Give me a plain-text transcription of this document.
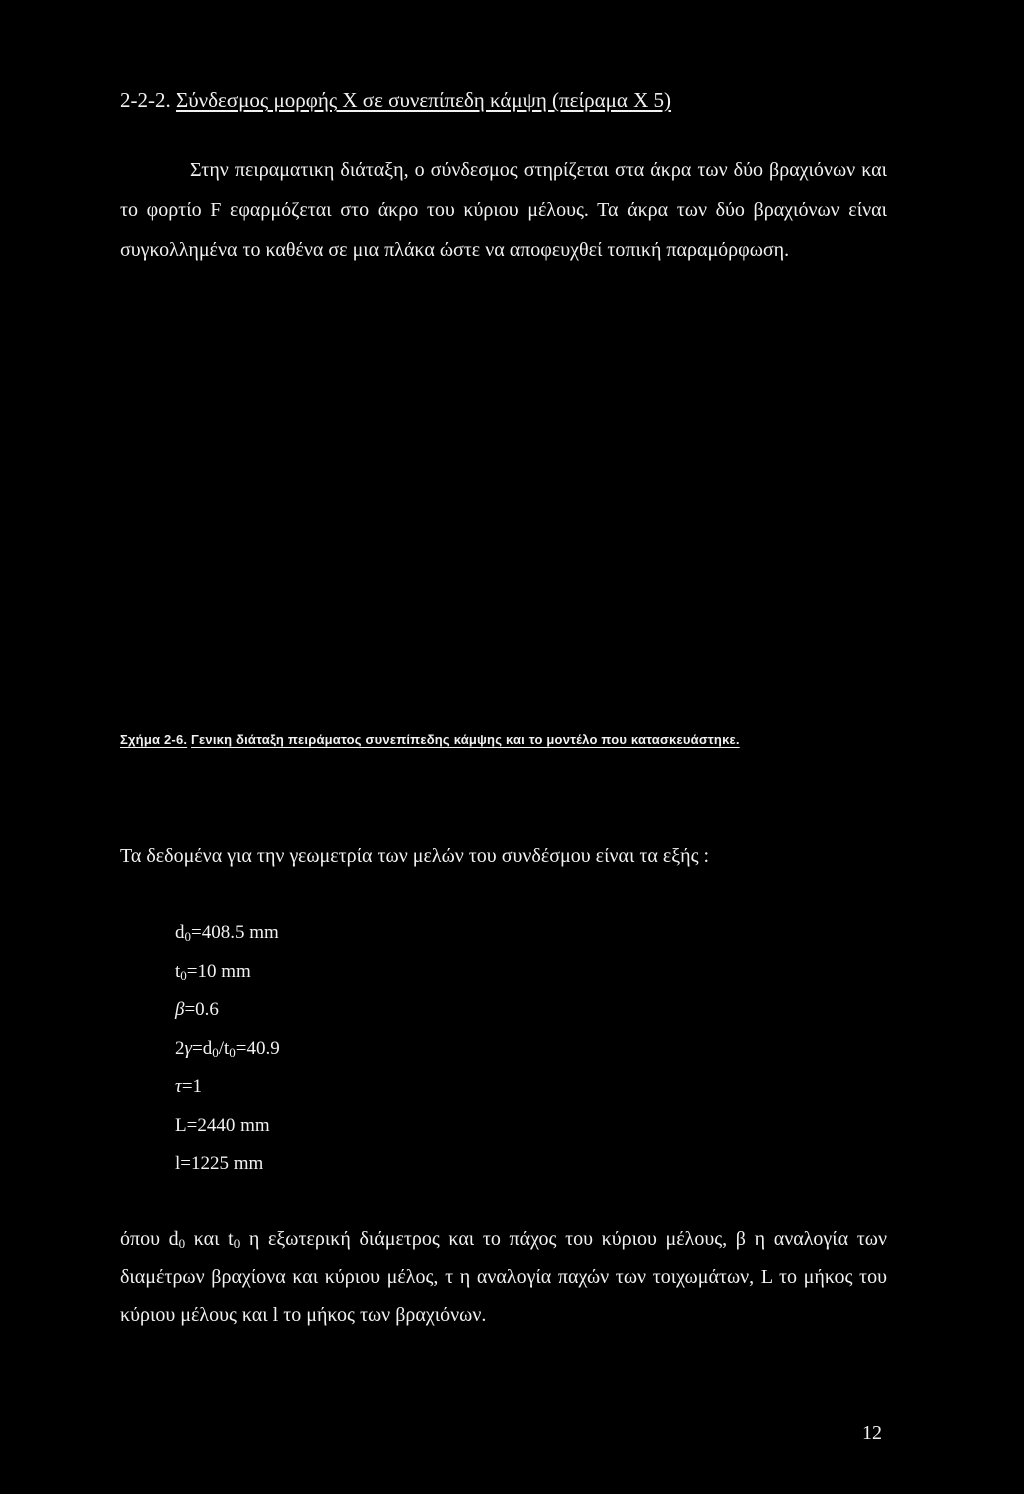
2-2-2. Σύνδεσμος μορφής Χ σε συνεπίπεδη κάμψη (πείραμα Χ 5)

Στην πειραματικη διάταξη, ο σύνδεσμος στηρίζεται στα άκρα των δύο βραχιόνων και το φορτίο F εφαρμόζεται στο άκρο του κύριου μέλους. Τα άκρα των δύο βραχιόνων είναι συγκολλημένα το καθένα σε μια πλάκα ώστε να αποφευχθεί τοπική παραμόρφωση.

Σχήμα 2-6. Γενικη διάταξη πειράματος συνεπίπεδης κάμψης και το μοντέλο που κατασκευάστηκε.
Τα δεδομένα για την γεωμετρία των μελών του συνδέσμου είναι τα εξής :
$d_0=408.5$ mm
$t_0=10$ mm
β=0.6
$2\gamma=d_0/t_0=40.9$
τ=1
L=2440 mm
l=1225 mm

όπου $d_0$ και $t_0$ η εξωτερική διάμετρος και το πάχος του κύριου μέλους, β η αναλογία των διαμέτρων βραχίονα και κύριου μέλος, τ η αναλογία παχών των τοιχωμάτων, L το μήκος του κύριου μέλους και l το μήκος των βραχιόνων.

12
